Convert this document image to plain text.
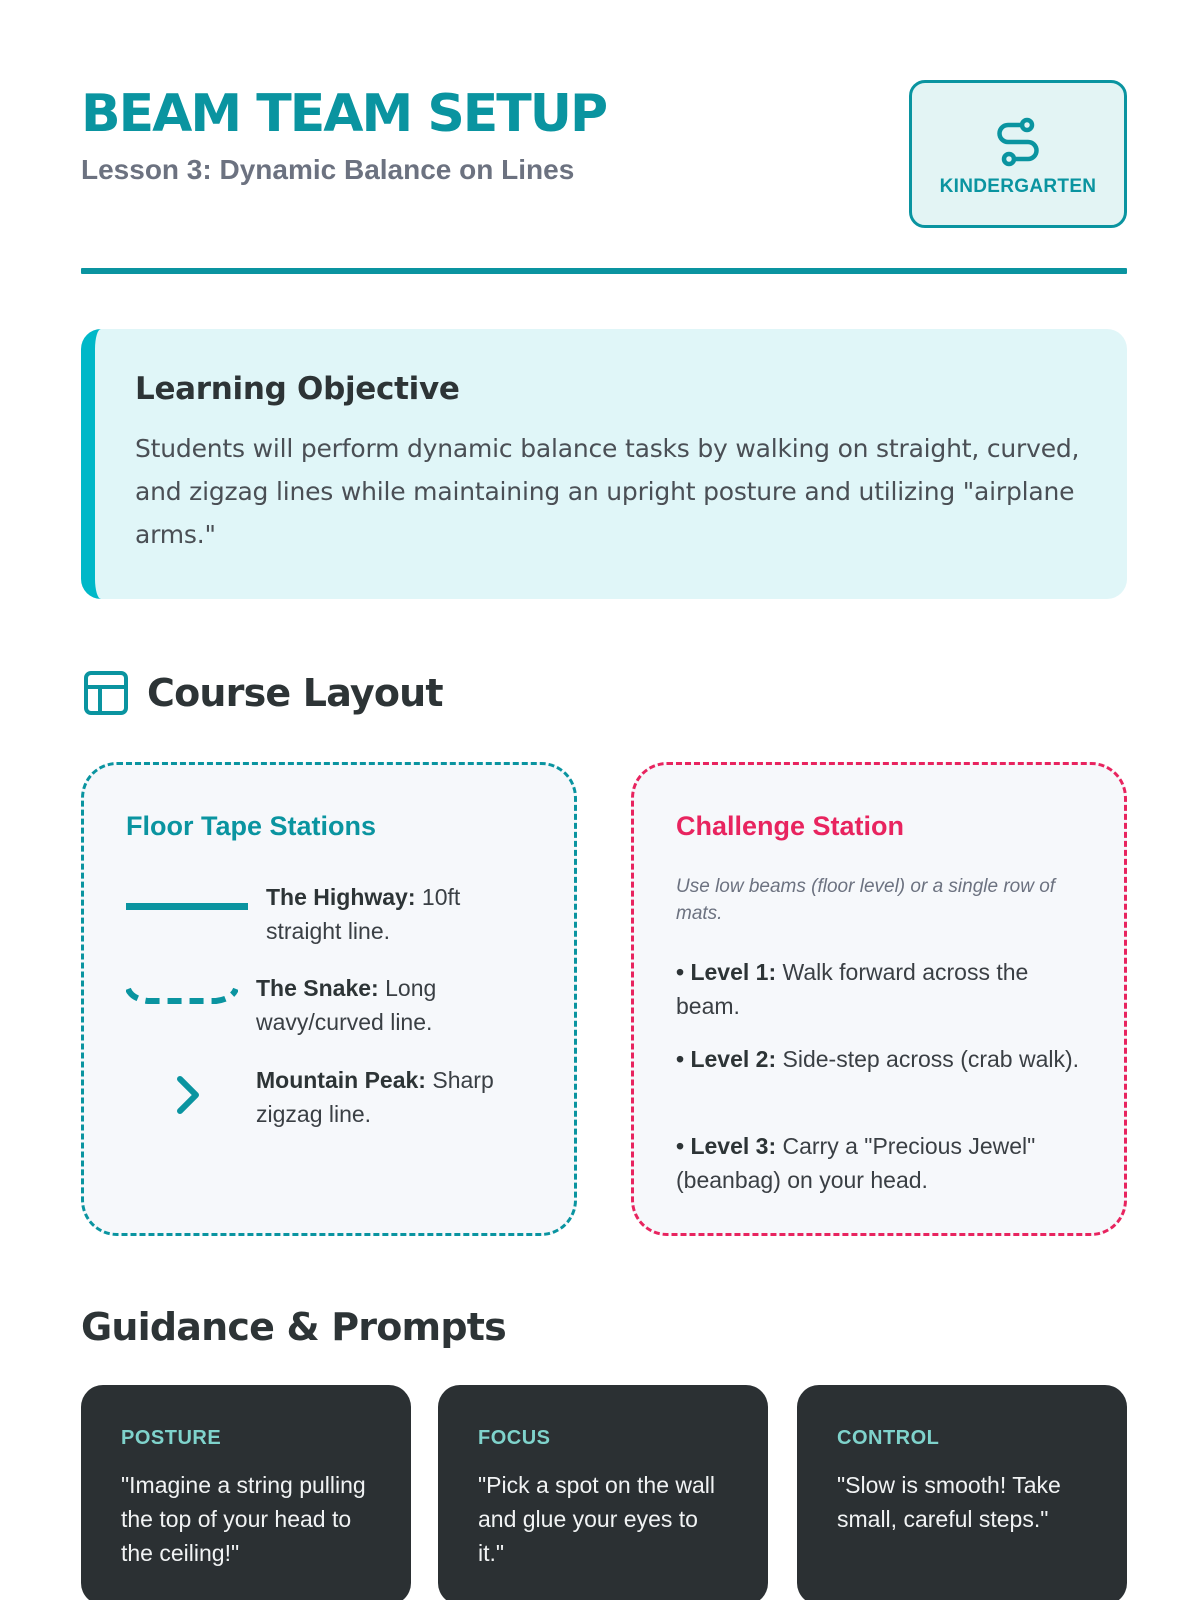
BEAM TEAM SETUP
Lesson 3: Dynamic Balance on Lines
KINDERGARTEN
Learning Objective
Students will perform dynamic balance tasks by walking on straight, curved, and zigzag lines while maintaining an upright posture and utilizing "airplane arms."
Course Layout
Floor Tape Stations
The Highway: 10ft straight line.
The Snake: Long wavy/curved line.
Mountain Peak: Sharp zigzag line.
Challenge Station
Use low beams (floor level) or a single row of mats.
• Level 1: Walk forward across the beam.
• Level 2: Side-step across (crab walk).
• Level 3: Carry a "Precious Jewel" (beanbag) on your head.
Guidance & Prompts
POSTURE
"Imagine a string pulling the top of your head to the ceiling!"
FOCUS
"Pick a spot on the wall and glue your eyes to it."
CONTROL
"Slow is smooth! Take small, careful steps."
